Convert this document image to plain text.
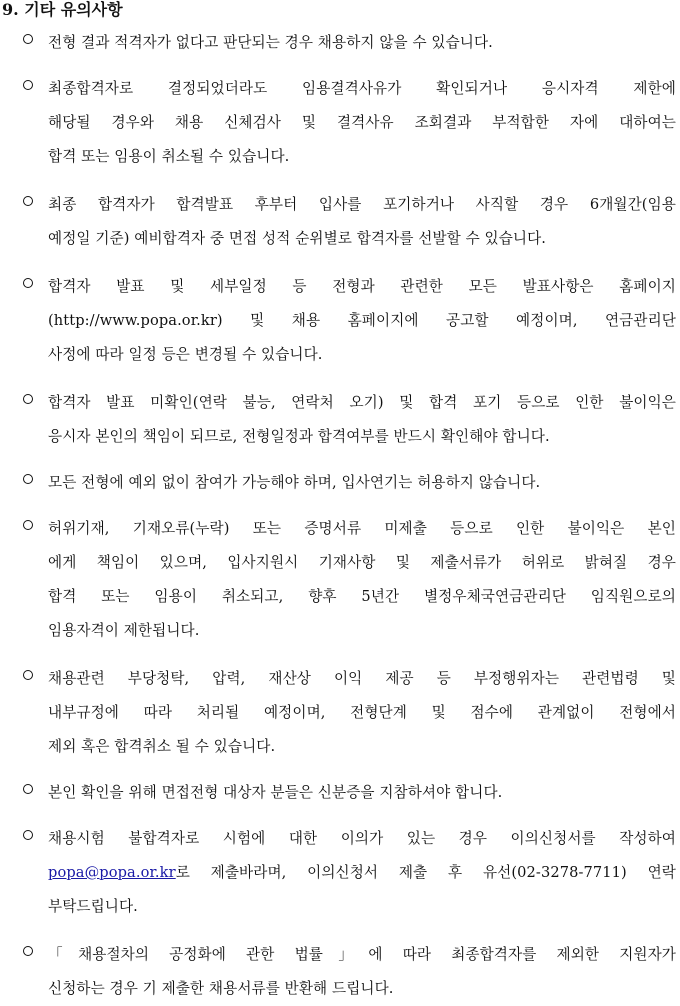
9. 기타 유의사항
전형 결과 적격자가 없다고 판단되는 경우 채용하지 않을 수 있습니다.
최종합격자로 결정되었더라도 임용결격사유가 확인되거나 응시자격 제한에
해당될 경우와 채용 신체검사 및 결격사유 조회결과 부적합한 자에 대하여는
합격 또는 임용이 취소될 수 있습니다.
최종 합격자가 합격발표 후부터 입사를 포기하거나 사직할 경우 6개월간(임용
예정일 기준) 예비합격자 중 면접 성적 순위별로 합격자를 선발할 수 있습니다.
합격자 발표 및 세부일정 등 전형과 관련한 모든 발표사항은 홈페이지
(http://www.popa.or.kr) 및 채용 홈페이지에 공고할 예정이며, 연금관리단
사정에 따라 일정 등은 변경될 수 있습니다.
합격자 발표 미확인(연락 불능, 연락처 오기) 및 합격 포기 등으로 인한 불이익은
응시자 본인의 책임이 되므로, 전형일정과 합격여부를 반드시 확인해야 합니다.
모든 전형에 예외 없이 참여가 가능해야 하며, 입사연기는 허용하지 않습니다.
허위기재, 기재오류(누락) 또는 증명서류 미제출 등으로 인한 불이익은 본인
에게 책임이 있으며, 입사지원시 기재사항 및 제출서류가 허위로 밝혀질 경우
합격 또는 임용이 취소되고, 향후 5년간 별정우체국연금관리단 임직원으로의
임용자격이 제한됩니다.
채용관련 부당청탁, 압력, 재산상 이익 제공 등 부정행위자는 관련법령 및
내부규정에 따라 처리될 예정이며, 전형단계 및 점수에 관계없이 전형에서
제외 혹은 합격취소 될 수 있습니다.
본인 확인을 위해 면접전형 대상자 분들은 신분증을 지참하셔야 합니다.
채용시험 불합격자로 시험에 대한 이의가 있는 경우 이의신청서를 작성하여
popa@popa.or.kr로 제출바라며, 이의신청서 제출 후 유선(02-3278-7711) 연락
부탁드립니다.
「채용절차의 공정화에 관한 법률」에 따라 최종합격자를 제외한 지원자가
신청하는 경우 기 제출한 채용서류를 반환해 드립니다.
